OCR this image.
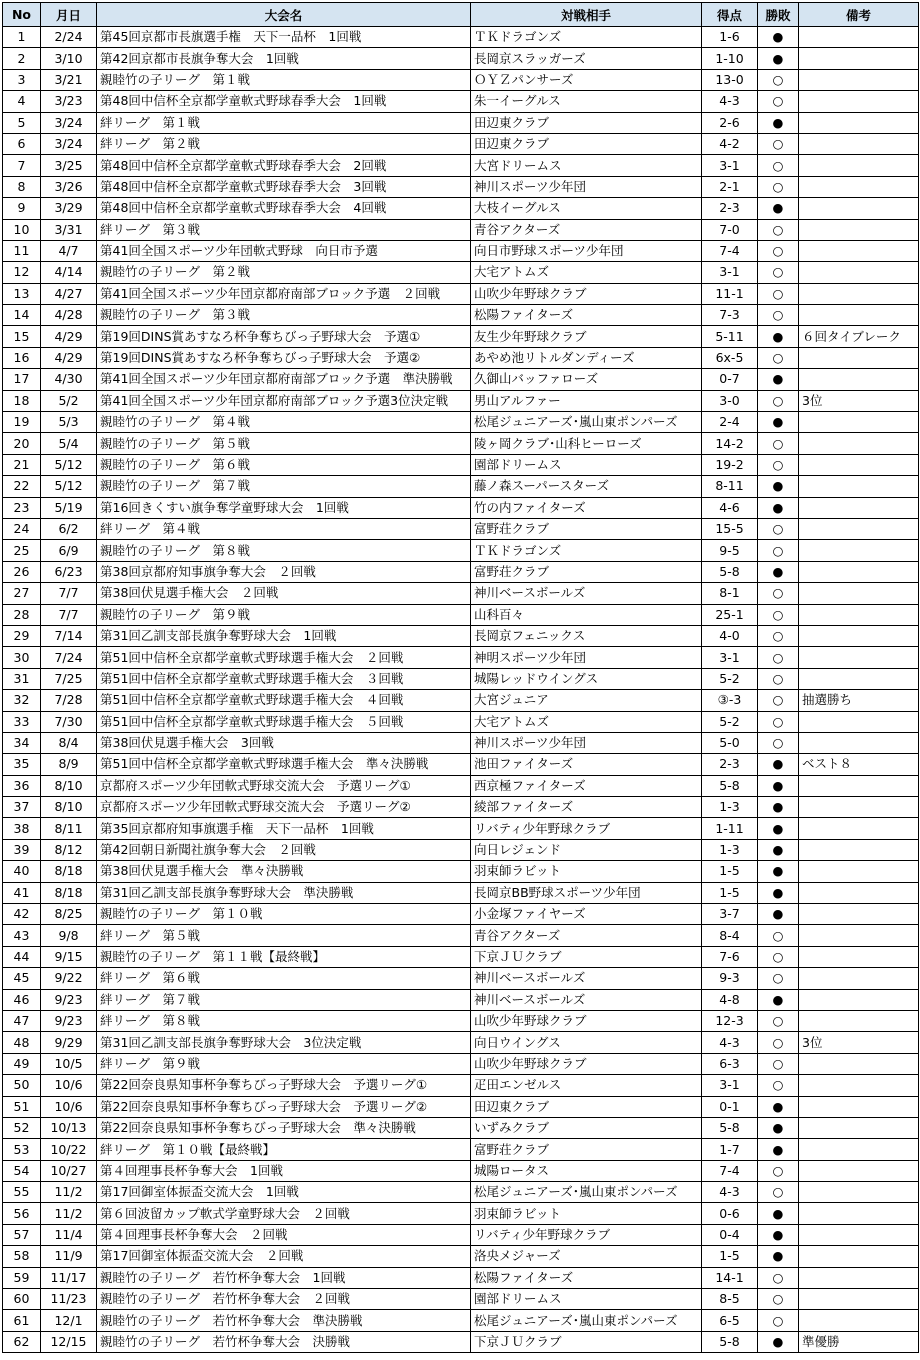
No	月日	大会名	対戦相手	得点	勝敗	備考
1	2/24	第45回京都市長旗選手権　天下一品杯　1回戦	ＴＫドラゴンズ	1-6	●	
2	3/10	第42回京都市長旗争奪大会　1回戦	長岡京スラッガーズ	1-10	●	
3	3/21	親睦竹の子リーグ　第１戦	ＯＹＺパンサーズ	13-0	○	
4	3/23	第48回中信杯全京都学童軟式野球春季大会　1回戦	朱一イーグルス	4-3	○	
5	3/24	絆リーグ　第１戦	田辺東クラブ	2-6	●	
6	3/24	絆リーグ　第２戦	田辺東クラブ	4-2	○	
7	3/25	第48回中信杯全京都学童軟式野球春季大会　2回戦	大宮ドリームス	3-1	○	
8	3/26	第48回中信杯全京都学童軟式野球春季大会　3回戦	神川スポーツ少年団	2-1	○	
9	3/29	第48回中信杯全京都学童軟式野球春季大会　4回戦	大枝イーグルス	2-3	●	
10	3/31	絆リーグ　第３戦	青谷アクターズ	7-0	○	
11	4/7	第41回全国スポーツ少年団軟式野球　向日市予選	向日市野球スポーツ少年団	7-4	○	
12	4/14	親睦竹の子リーグ　第２戦	大宅アトムズ	3-1	○	
13	4/27	第41回全国スポーツ少年団京都府南部ブロック予選　２回戦	山吹少年野球クラブ	11-1	○	
14	4/28	親睦竹の子リーグ　第３戦	松陽ファイターズ	7-3	○	
15	4/29	第19回DINS賞あすなろ杯争奪ちびっ子野球大会　予選①	友生少年野球クラブ	5-11	●	６回タイブレーク
16	4/29	第19回DINS賞あすなろ杯争奪ちびっ子野球大会　予選②	あやめ池リトルダンディーズ	6x-5	○	
17	4/30	第41回全国スポーツ少年団京都府南部ブロック予選　準決勝戦	久御山バッファローズ	0-7	●	
18	5/2	第41回全国スポーツ少年団京都府南部ブロック予選3位決定戦	男山アルファー	3-0	○	3位
19	5/3	親睦竹の子リーグ　第４戦	松尾ジュニアーズ･嵐山東ポンパーズ	2-4	●	
20	5/4	親睦竹の子リーグ　第５戦	陵ヶ岡クラブ･山科ヒーローズ	14-2	○	
21	5/12	親睦竹の子リーグ　第６戦	園部ドリームス	19-2	○	
22	5/12	親睦竹の子リーグ　第７戦	藤ノ森スーパースターズ	8-11	●	
23	5/19	第16回きくすい旗争奪学童野球大会　1回戦	竹の内ファイターズ	4-6	●	
24	6/2	絆リーグ　第４戦	富野荘クラブ	15-5	○	
25	6/9	親睦竹の子リーグ　第８戦	ＴＫドラゴンズ	9-5	○	
26	6/23	第38回京都府知事旗争奪大会　２回戦	富野荘クラブ	5-8	●	
27	7/7	第38回伏見選手権大会　２回戦	神川ベースボールズ	8-1	○	
28	7/7	親睦竹の子リーグ　第９戦	山科百々	25-1	○	
29	7/14	第31回乙訓支部長旗争奪野球大会　1回戦	長岡京フェニックス	4-0	○	
30	7/24	第51回中信杯全京都学童軟式野球選手権大会　２回戦	神明スポーツ少年団	3-1	○	
31	7/25	第51回中信杯全京都学童軟式野球選手権大会　３回戦	城陽レッドウイングス	5-2	○	
32	7/28	第51回中信杯全京都学童軟式野球選手権大会　４回戦	大宮ジュニア	③-3	○	抽選勝ち
33	7/30	第51回中信杯全京都学童軟式野球選手権大会　５回戦	大宅アトムズ	5-2	○	
34	8/4	第38回伏見選手権大会　3回戦	神川スポーツ少年団	5-0	○	
35	8/9	第51回中信杯全京都学童軟式野球選手権大会　準々決勝戦	池田ファイターズ	2-3	●	ベスト８
36	8/10	京都府スポーツ少年団軟式野球交流大会　予選リーグ①	西京極ファイターズ	5-8	●	
37	8/10	京都府スポーツ少年団軟式野球交流大会　予選リーグ②	綾部ファイターズ	1-3	●	
38	8/11	第35回京都府知事旗選手権　天下一品杯　1回戦	リバティ少年野球クラブ	1-11	●	
39	8/12	第42回朝日新聞社旗争奪大会　２回戦	向日レジェンド	1-3	●	
40	8/18	第38回伏見選手権大会　準々決勝戦	羽束師ラビット	1-5	●	
41	8/18	第31回乙訓支部長旗争奪野球大会　準決勝戦	長岡京BB野球スポーツ少年団	1-5	●	
42	8/25	親睦竹の子リーグ　第１０戦	小金塚ファイヤーズ	3-7	●	
43	9/8	絆リーグ　第５戦	青谷アクターズ	8-4	○	
44	9/15	親睦竹の子リーグ　第１１戦【最終戦】	下京ＪＵクラブ	7-6	○	
45	9/22	絆リーグ　第６戦	神川ベースボールズ	9-3	○	
46	9/23	絆リーグ　第７戦	神川ベースボールズ	4-8	●	
47	9/23	絆リーグ　第８戦	山吹少年野球クラブ	12-3	○	
48	9/29	第31回乙訓支部長旗争奪野球大会　3位決定戦	向日ウイングス	4-3	○	3位
49	10/5	絆リーグ　第９戦	山吹少年野球クラブ	6-3	○	
50	10/6	第22回奈良県知事杯争奪ちびっ子野球大会　予選リーグ①	疋田エンゼルス	3-1	○	
51	10/6	第22回奈良県知事杯争奪ちびっ子野球大会　予選リーグ②	田辺東クラブ	0-1	●	
52	10/13	第22回奈良県知事杯争奪ちびっ子野球大会　準々決勝戦	いずみクラブ	5-8	●	
53	10/22	絆リーグ　第１０戦【最終戦】	富野荘クラブ	1-7	●	
54	10/27	第４回理事長杯争奪大会　1回戦	城陽ロータス	7-4	○	
55	11/2	第17回御室体振盃交流大会　1回戦	松尾ジュニアーズ･嵐山東ポンパーズ	4-3	○	
56	11/2	第６回波留カップ軟式学童野球大会　２回戦	羽束師ラビット	0-6	●	
57	11/4	第４回理事長杯争奪大会　２回戦	リバティ少年野球クラブ	0-4	●	
58	11/9	第17回御室体振盃交流大会　２回戦	洛央メジャーズ	1-5	●	
59	11/17	親睦竹の子リーグ　若竹杯争奪大会　1回戦	松陽ファイターズ	14-1	○	
60	11/23	親睦竹の子リーグ　若竹杯争奪大会　２回戦	園部ドリームス	8-5	○	
61	12/1	親睦竹の子リーグ　若竹杯争奪大会　準決勝戦	松尾ジュニアーズ･嵐山東ポンパーズ	6-5	○	
62	12/15	親睦竹の子リーグ　若竹杯争奪大会　決勝戦	下京ＪＵクラブ	5-8	●	準優勝
